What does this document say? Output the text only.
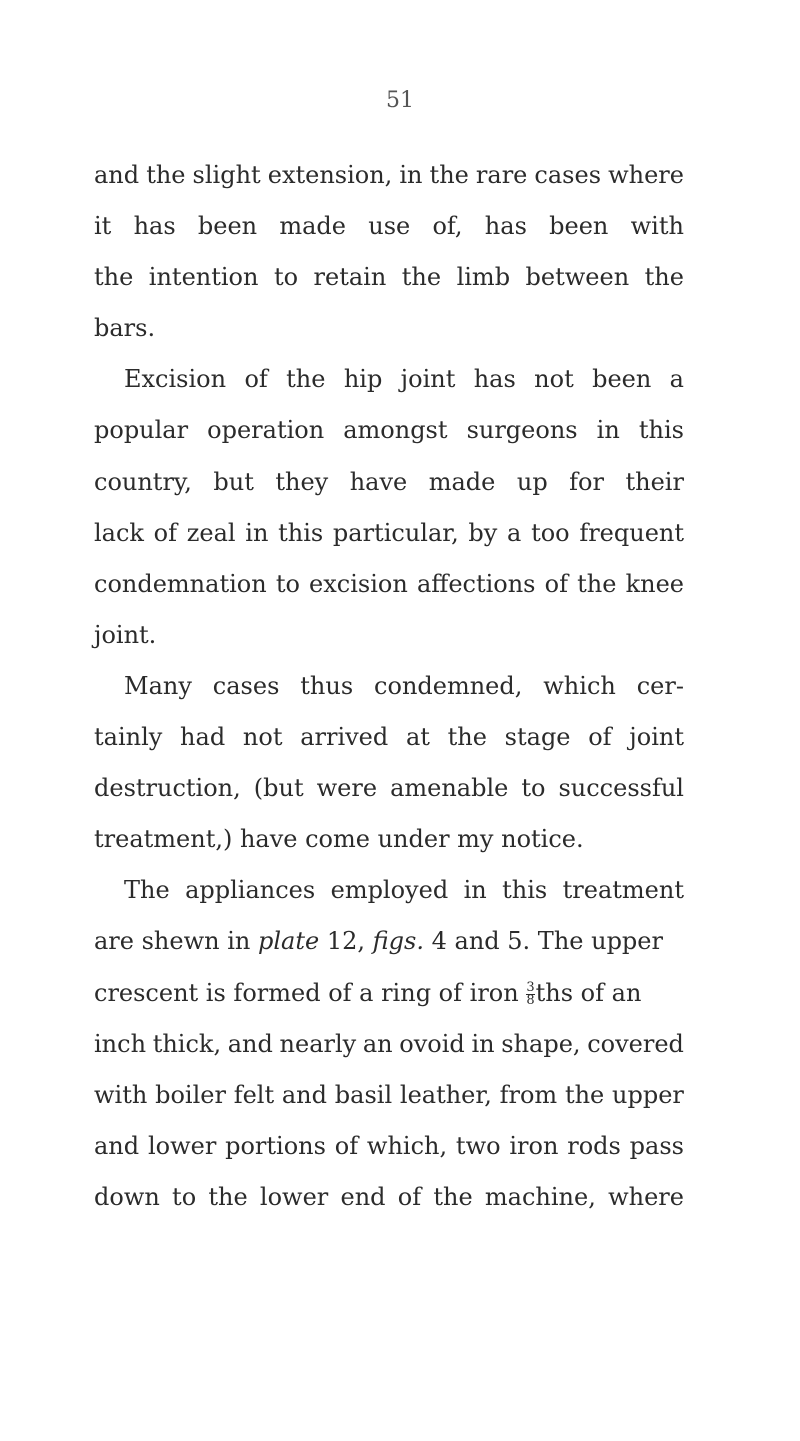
51
and the slight extension, in the rare cases where
it has been made use of, has been with
the intention to retain the limb between the
bars.
Excision of the hip joint has not been a
popular operation amongst surgeons in this
country, but they have made up for their
lack of zeal in this particular, by a too frequent
condemnation to excision affections of the knee
joint.
Many cases thus condemned, which cer-
tainly had not arrived at the stage of joint
destruction, (but were amenable to successful
treatment,) have come under my notice.
The appliances employed in this treatment
are shewn in plate 12, figs. 4 and 5. The upper
crescent is formed of a ring of iron $\frac{3}{8}$ ths of an
inch thick, and nearly an ovoid in shape, covered
with boiler felt and basil leather, from the upper
and lower portions of which, two iron rods pass
down to the lower end of the machine, where
